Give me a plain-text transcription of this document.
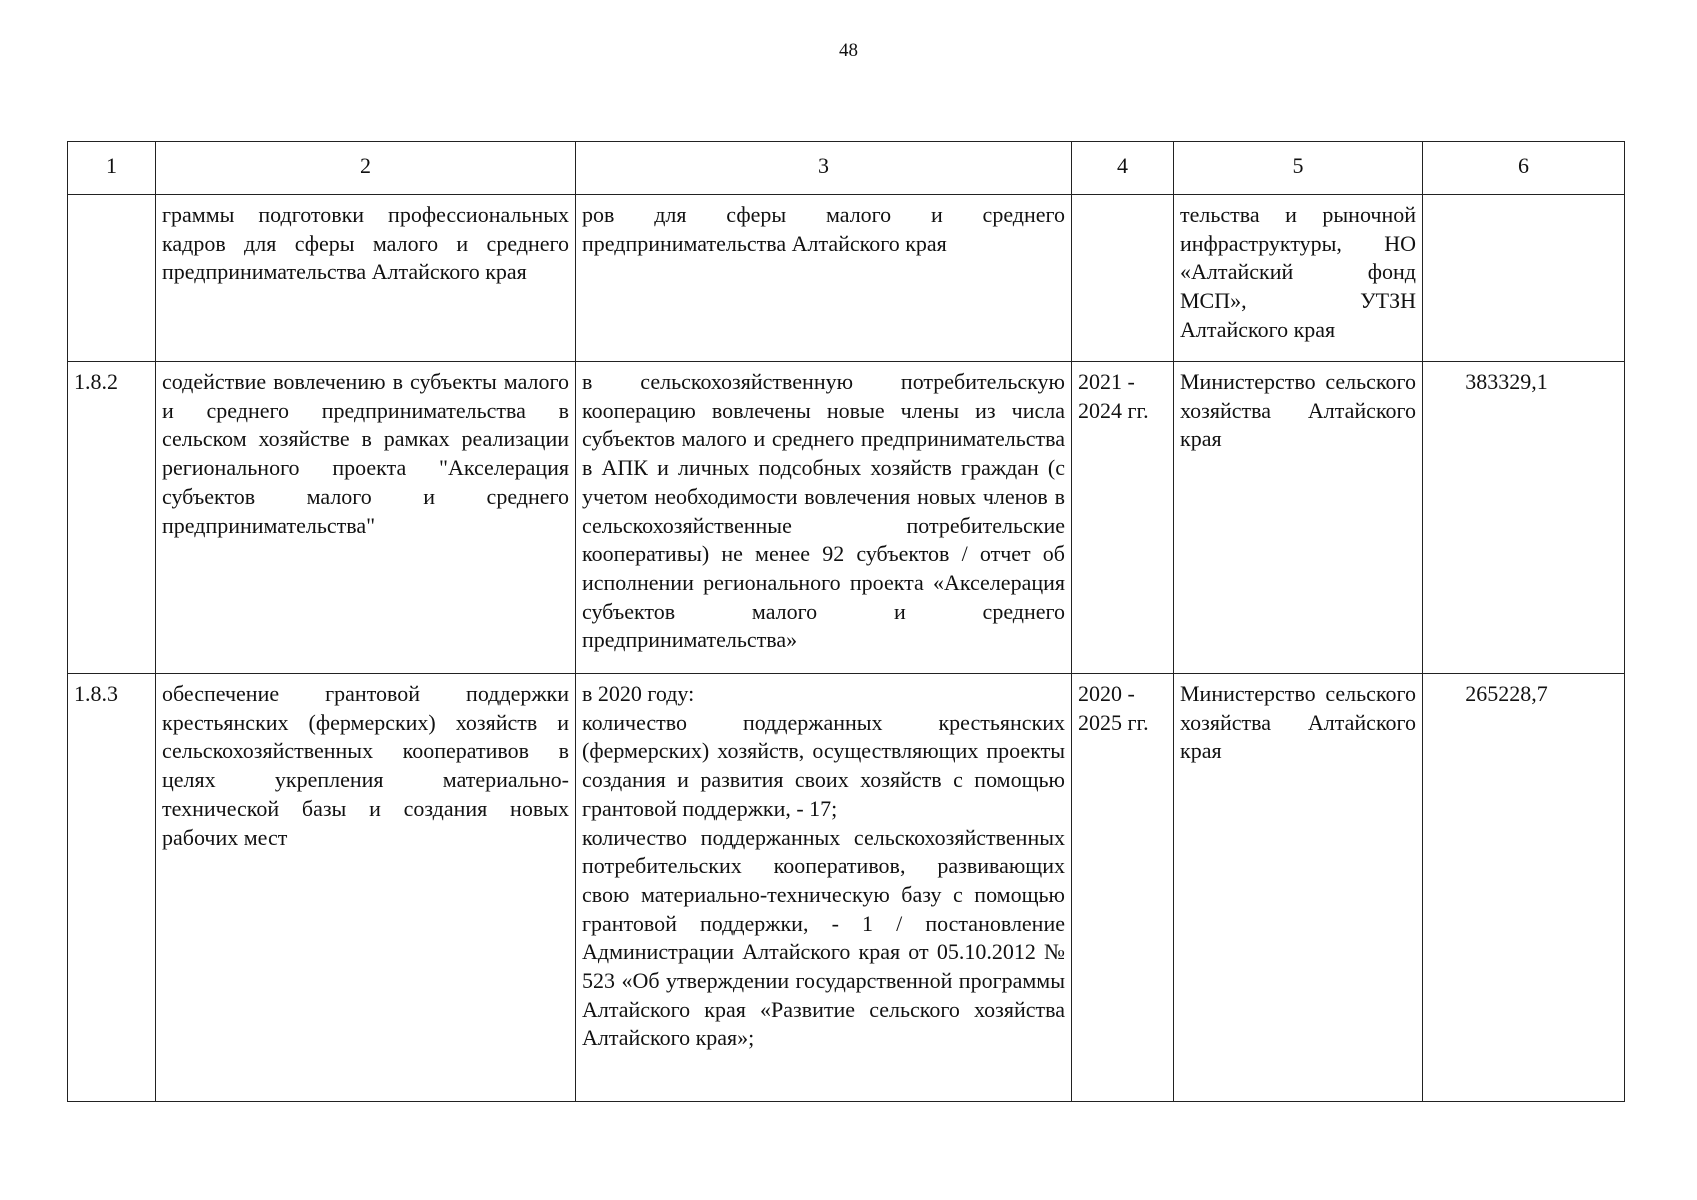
48
1	2	3	4	5	6
	граммы подготовки профессиональных кадров для сферы малого и среднего предпринимательства Алтайского края	ров для сферы малого и среднего предпринимательства Алтайского края		тельства и рыночной инфраструктуры, НО «Алтайский фонд МСП», УТЗН Алтайского края	
1.8.2	содействие вовлечению в субъекты малого и среднего предпринимательства в сельском хозяйстве в рамках реализации регионального проекта "Акселерация субъектов малого и среднего предпринимательства"	в сельскохозяйственную потребительскую кооперацию вовлечены новые члены из числа субъектов малого и среднего предпринимательства в АПК и личных подсобных хозяйств граждан (с учетом необходимости вовлечения новых членов в сельскохозяйственные потребительские кооперативы) не менее 92 субъектов / отчет об исполнении регионального проекта «Акселерация субъектов малого и среднего предпринимательства»	2021 - 2024 гг.	Министерство сельского хозяйства Алтайского края	383329,1
1.8.3	обеспечение грантовой поддержки крестьянских (фермерских) хозяйств и сельскохозяйственных кооперативов в целях укрепления материально-технической базы и создания новых рабочих мест	в 2020 году:

количество поддержанных крестьянских (фермерских) хозяйств, осуществляющих проекты создания и развития своих хозяйств с помощью грантовой поддержки, - 17;

количество поддержанных сельскохозяйственных потребительских кооперативов, развивающих свою материально-техническую базу с помощью грантовой поддержки, - 1 / постановление Администрации Алтайского края от 05.10.2012 № 523 «Об утверждении государственной программы Алтайского края «Развитие сельского хозяйства Алтайского края»;	2020 - 2025 гг.	Министерство сельского хозяйства Алтайского края	265228,7
